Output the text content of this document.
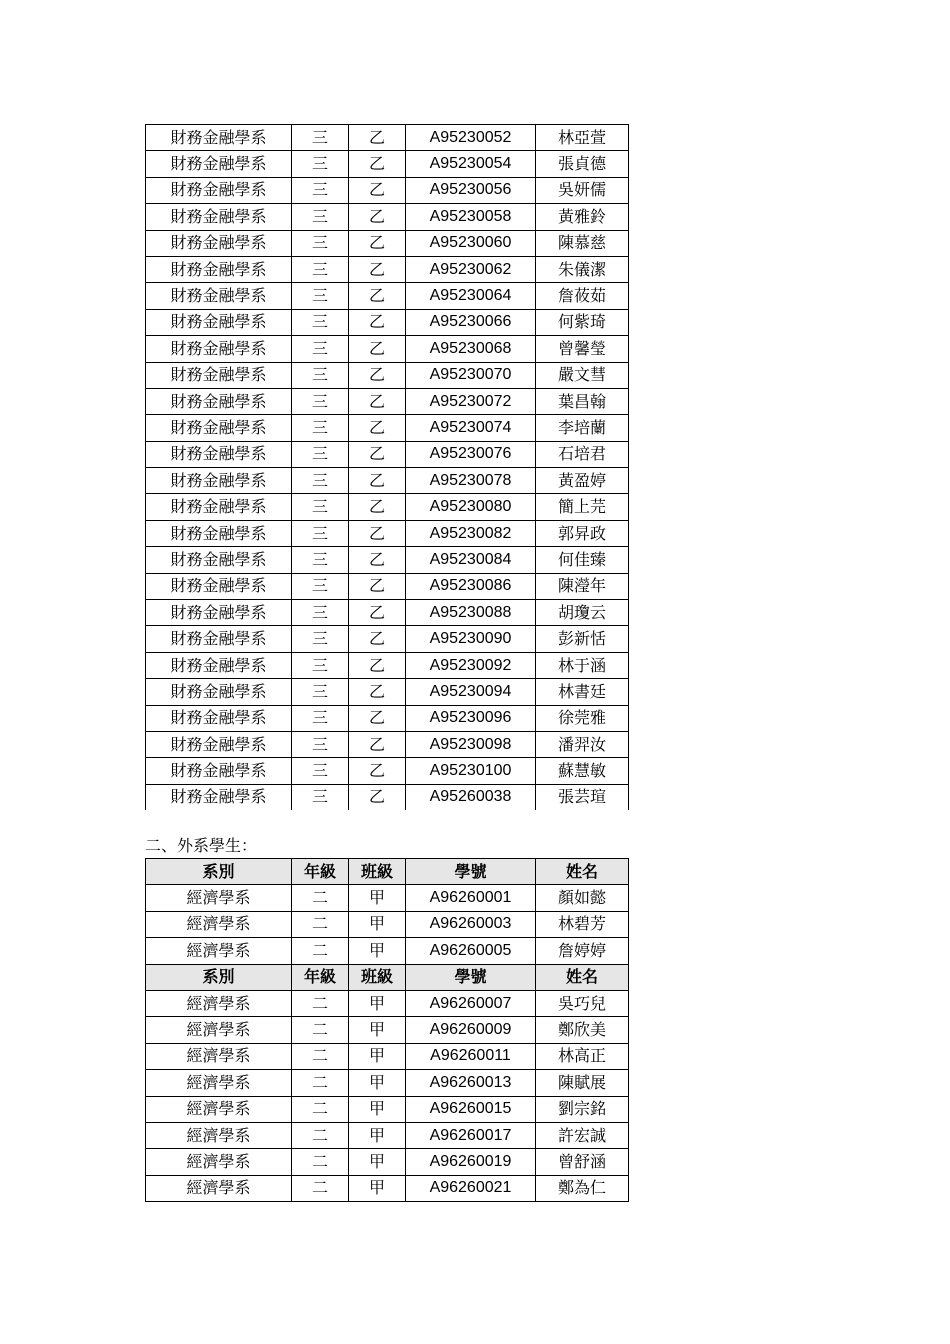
財務金融學系	三	乙	A95230052	林亞萱
財務金融學系	三	乙	A95230054	張貞德
財務金融學系	三	乙	A95230056	吳妍儒
財務金融學系	三	乙	A95230058	黃雅鈴
財務金融學系	三	乙	A95230060	陳慕慈
財務金融學系	三	乙	A95230062	朱儀潔
財務金融學系	三	乙	A95230064	詹莜茹
財務金融學系	三	乙	A95230066	何紫琦
財務金融學系	三	乙	A95230068	曾馨瑩
財務金融學系	三	乙	A95230070	嚴文彗
財務金融學系	三	乙	A95230072	葉昌翰
財務金融學系	三	乙	A95230074	李培蘭
財務金融學系	三	乙	A95230076	石培君
財務金融學系	三	乙	A95230078	黃盈婷
財務金融學系	三	乙	A95230080	簡上芫
財務金融學系	三	乙	A95230082	郭昇政
財務金融學系	三	乙	A95230084	何佳臻
財務金融學系	三	乙	A95230086	陳瀅年
財務金融學系	三	乙	A95230088	胡瓊云
財務金融學系	三	乙	A95230090	彭新恬
財務金融學系	三	乙	A95230092	林于涵
財務金融學系	三	乙	A95230094	林書廷
財務金融學系	三	乙	A95230096	徐莞雅
財務金融學系	三	乙	A95230098	潘羿汝
財務金融學系	三	乙	A95230100	蘇慧敏
財務金融學系	三	乙	A95260038	張芸瑄
二、外系學生：
系別	年級	班級	學號	姓名
經濟學系	二	甲	A96260001	顏如懿
經濟學系	二	甲	A96260003	林碧芳
經濟學系	二	甲	A96260005	詹婷婷
系別	年級	班級	學號	姓名
經濟學系	二	甲	A96260007	吳巧兒
經濟學系	二	甲	A96260009	鄭欣美
經濟學系	二	甲	A96260011	林高正
經濟學系	二	甲	A96260013	陳賦展
經濟學系	二	甲	A96260015	劉宗銘
經濟學系	二	甲	A96260017	許宏誠
經濟學系	二	甲	A96260019	曾舒涵
經濟學系	二	甲	A96260021	鄭為仁
